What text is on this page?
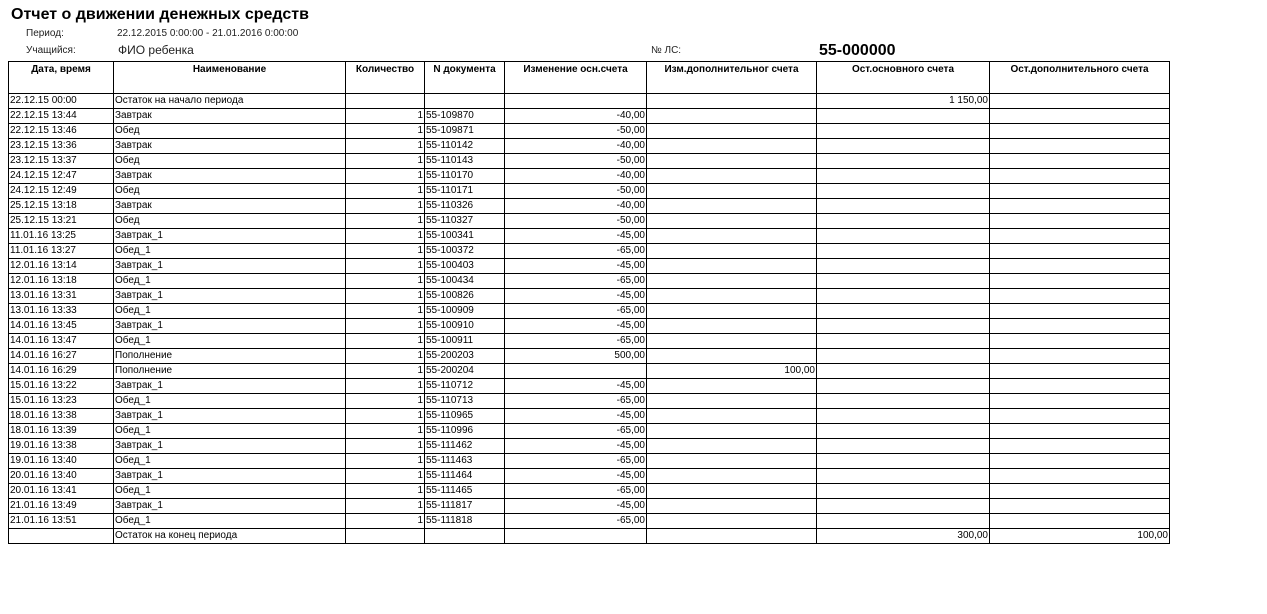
Отчет о движении денежных средств
Период:	22.12.2015 0:00:00 - 21.01.2016 0:00:00
Учащийся:	ФИО ребенка	№ ЛС:	55-000000
Дата, время	Наименование	Количество	N документа	Изменение осн.счета	Изм.дополнительног счета	Ост.основного счета	Ост.дополнительного счета
22.12.15 00:00	Остаток на начало периода					1 150,00	
22.12.15 13:44	Завтрак	1	55-109870	-40,00			
22.12.15 13:46	Обед	1	55-109871	-50,00			
23.12.15 13:36	Завтрак	1	55-110142	-40,00			
23.12.15 13:37	Обед	1	55-110143	-50,00			
24.12.15 12:47	Завтрак	1	55-110170	-40,00			
24.12.15 12:49	Обед	1	55-110171	-50,00			
25.12.15 13:18	Завтрак	1	55-110326	-40,00			
25.12.15 13:21	Обед	1	55-110327	-50,00			
11.01.16 13:25	Завтрак_1	1	55-100341	-45,00			
11.01.16 13:27	Обед_1	1	55-100372	-65,00			
12.01.16 13:14	Завтрак_1	1	55-100403	-45,00			
12.01.16 13:18	Обед_1	1	55-100434	-65,00			
13.01.16 13:31	Завтрак_1	1	55-100826	-45,00			
13.01.16 13:33	Обед_1	1	55-100909	-65,00			
14.01.16 13:45	Завтрак_1	1	55-100910	-45,00			
14.01.16 13:47	Обед_1	1	55-100911	-65,00			
14.01.16 16:27	Пополнение	1	55-200203	500,00			
14.01.16 16:29	Пополнение	1	55-200204		100,00		
15.01.16 13:22	Завтрак_1	1	55-110712	-45,00			
15.01.16 13:23	Обед_1	1	55-110713	-65,00			
18.01.16 13:38	Завтрак_1	1	55-110965	-45,00			
18.01.16 13:39	Обед_1	1	55-110996	-65,00			
19.01.16 13:38	Завтрак_1	1	55-111462	-45,00			
19.01.16 13:40	Обед_1	1	55-111463	-65,00			
20.01.16 13:40	Завтрак_1	1	55-111464	-45,00			
20.01.16 13:41	Обед_1	1	55-111465	-65,00			
21.01.16 13:49	Завтрак_1	1	55-111817	-45,00			
21.01.16 13:51	Обед_1	1	55-111818	-65,00			
	Остаток на конец периода					300,00	100,00
